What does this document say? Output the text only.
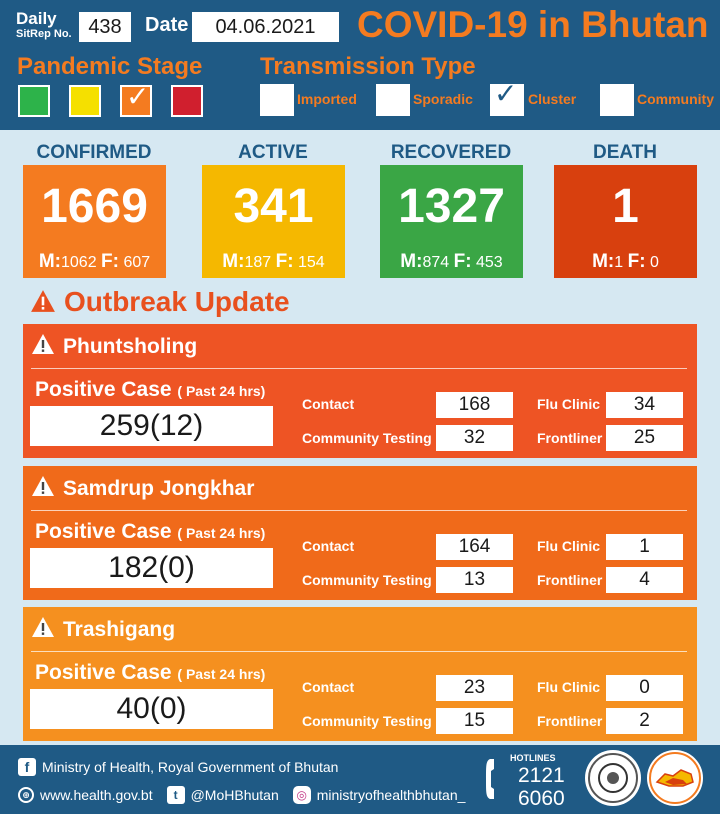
Daily
SitRep No. 438	Date	04.06.2021	COVID-19 in Bhutan
Pandemic Stage Transmission Type
✓	Imported	Sporadic ✓ Cluster	Community
CONFIRMED
1669
M:1062 F: 607
ACTIVE
341
M:187 F: 154
RECOVERED
1327
M:874 F: 453
DEATH
1
M:1 F: 0
Outbreak Update
Phuntsholing
Positive Case ( Past 24 hrs)
259(12)
Contact	168
Community Testing	32
Flu Clinic	34
Frontliner	25
Samdrup Jongkhar
Positive Case ( Past 24 hrs)
182(0)
Contact	164
Community Testing	13
Flu Clinic	1
Frontliner	4
Trashigang
Positive Case ( Past 24 hrs)
40(0)
Contact	23
Community Testing	15
Flu Clinic	0
Frontliner	2
f Ministry of Health, Royal Government of Bhutan
⊕ www.health.gov.bt	t @MoHBhutan	◎ ministryofhealthbhutan_
HOTLINES
2121
6060
